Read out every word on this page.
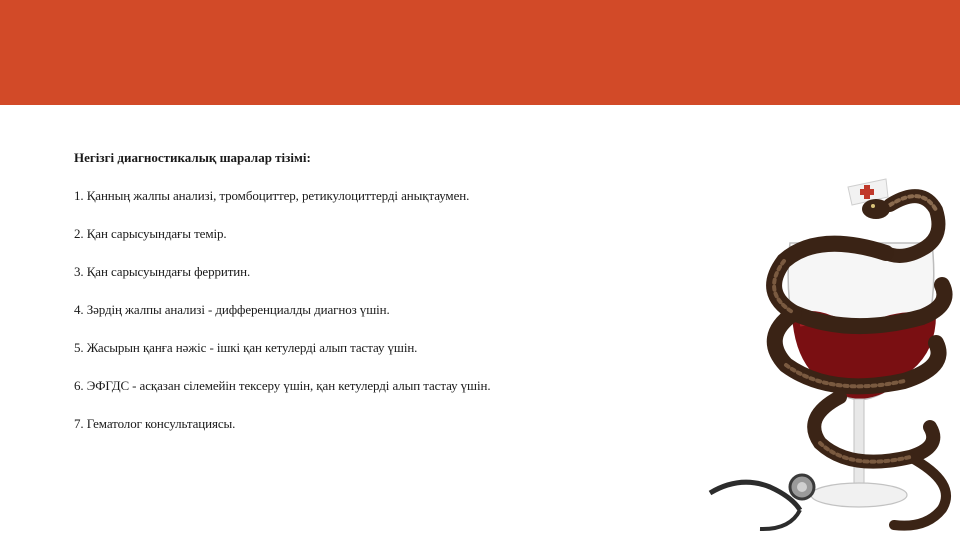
Негізгі диагностикалық шаралар тізімі:
1. Қанның жалпы анализі, тромбоциттер, ретикулоциттерді анықтаумен.
2. Қан сарысуындағы темір.
3. Қан сарысуындағы ферритин.
4. Зәрдің жалпы анализі - дифференциалды диагноз үшін.
5. Жасырын қанға нәжіс - ішкі қан кетулерді алып тастау үшін.
6. ЭФГДС - асқазан сілемейін тексеру үшін, қан кетулерді алып тастау үшін.
7. Гематолог консультациясы.
